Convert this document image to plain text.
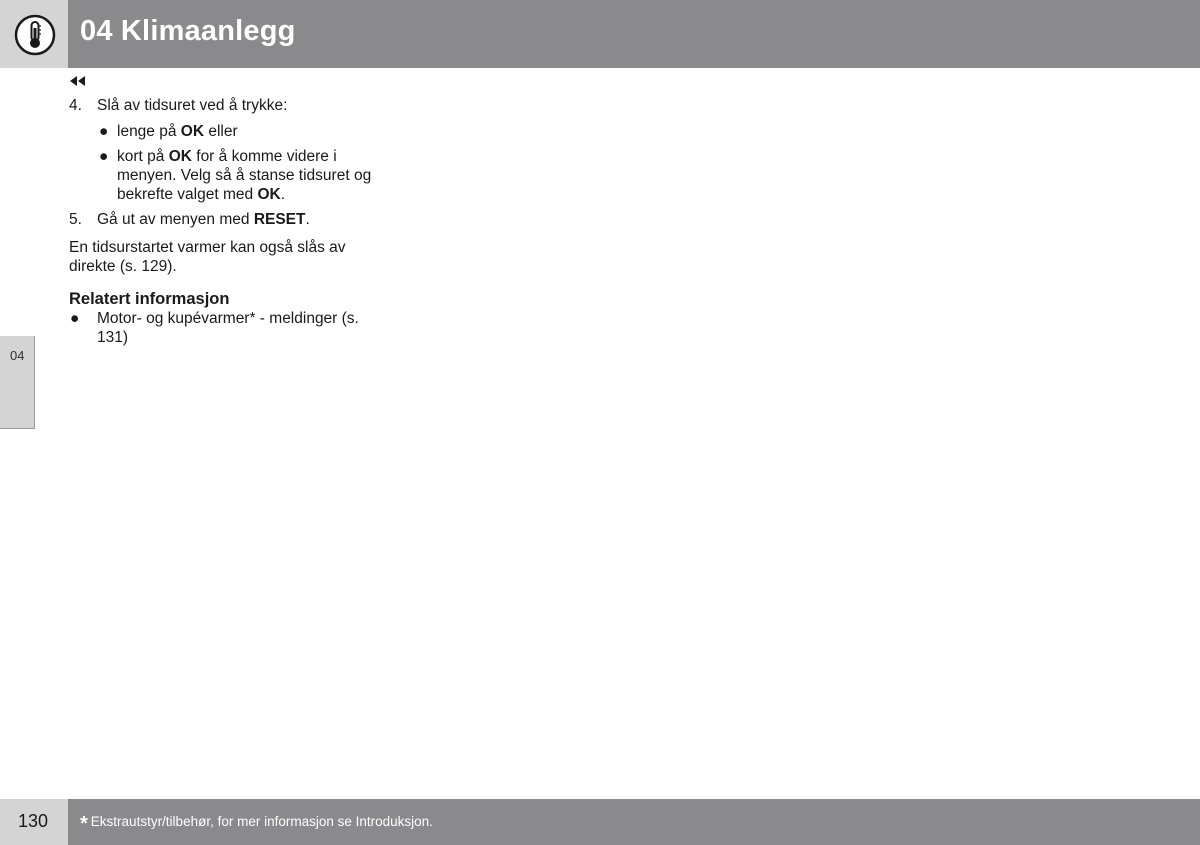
04 Klimaanlegg
4. Slå av tidsuret ved å trykke:
● lenge på OK eller
● kort på OK for å komme videre i menyen. Velg så å stanse tidsuret og bekrefte valget med OK.
5. Gå ut av menyen med RESET.

En tidsurstartet varmer kan også slås av direkte (s. 129).

Relatert informasjon
● Motor- og kupévarmer* - meldinger (s. 131)
04
130 * Ekstrautstyr/tilbehør, for mer informasjon se Introduksjon.
